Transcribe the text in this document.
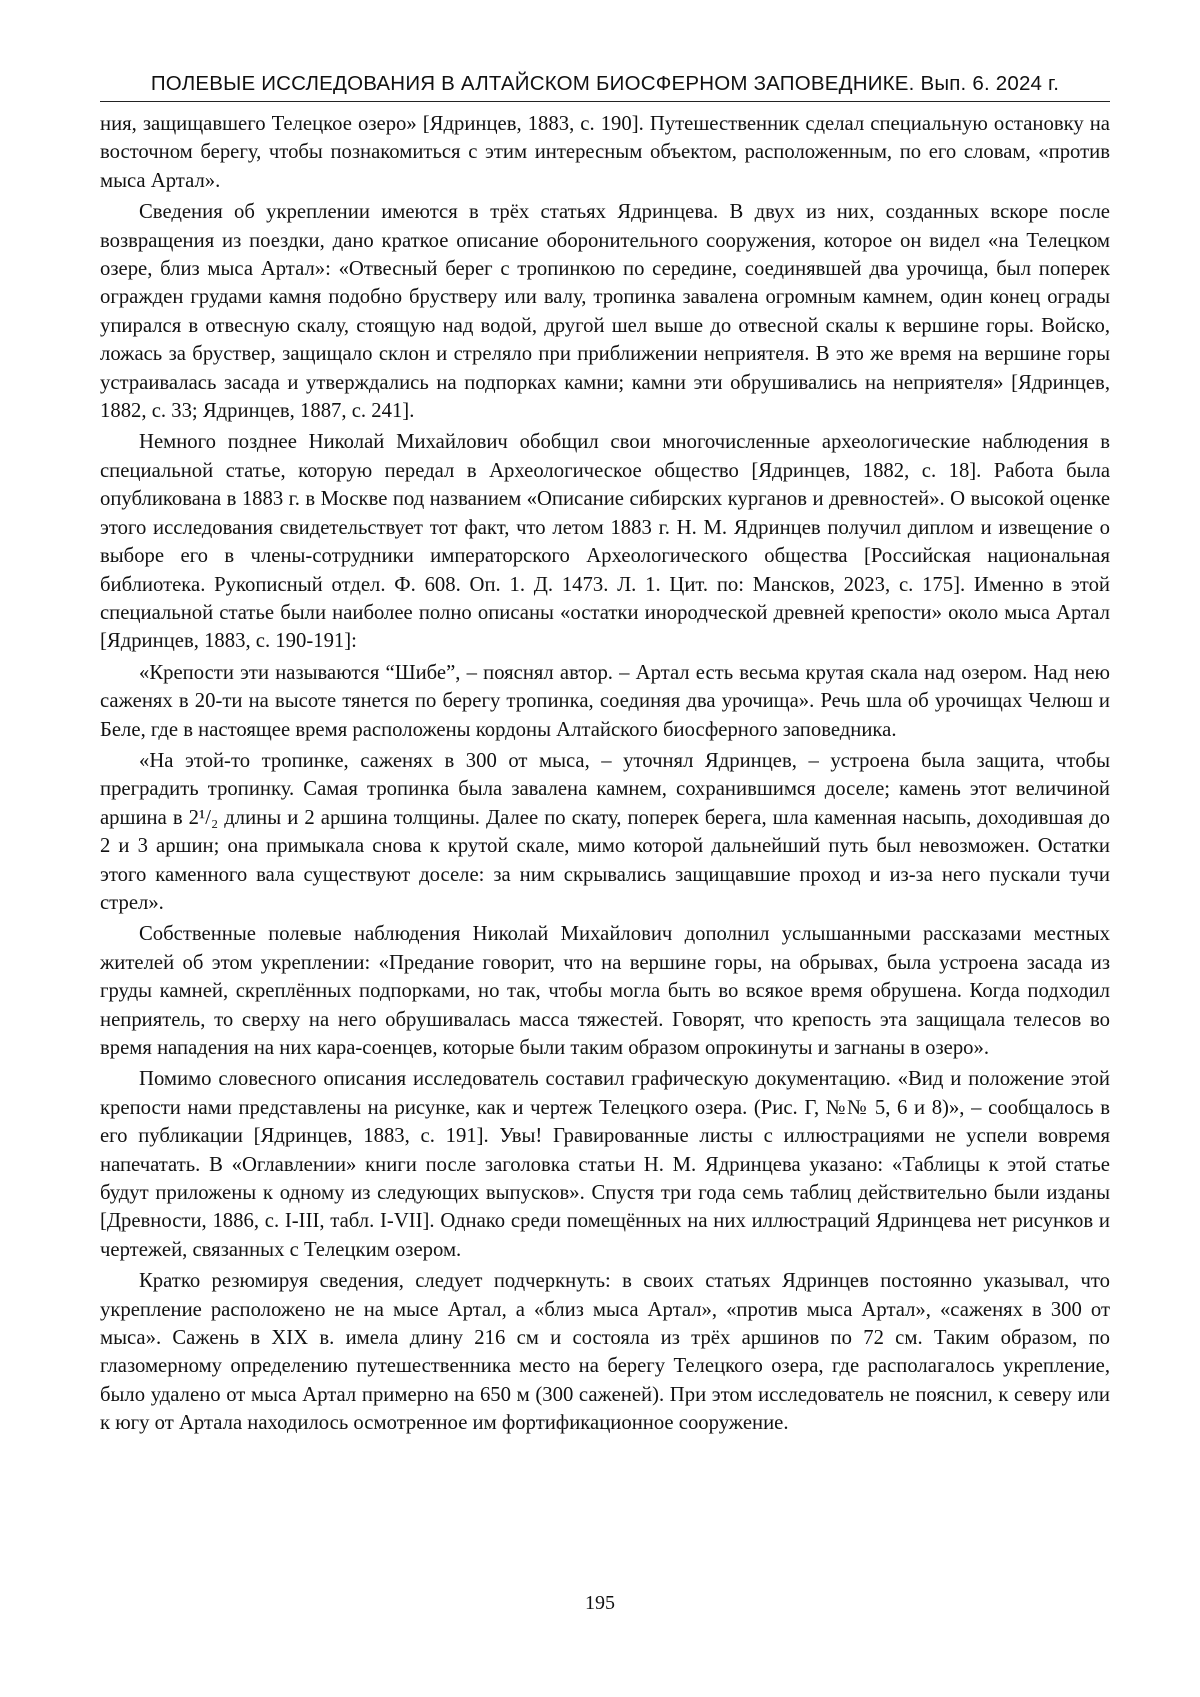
ПОЛЕВЫЕ ИССЛЕДОВАНИЯ В АЛТАЙСКОМ БИОСФЕРНОМ ЗАПОВЕДНИКЕ. Вып. 6. 2024 г.

ния, защищавшего Телецкое озеро» [Ядринцев, 1883, с. 190]. Путешественник сделал специальную остановку на восточном берегу, чтобы познакомиться с этим интересным объектом, расположенным, по его словам, «против мыса Артал».

Сведения об укреплении имеются в трёх статьях Ядринцева. В двух из них, созданных вскоре после возвращения из поездки, дано краткое описание оборонительного сооружения, которое он видел «на Телецком озере, близ мыса Артал»: «Отвесный берег с тропинкою по середине, соединявшей два урочища, был поперек огражден грудами камня подобно брустверу или валу, тропинка завалена огромным камнем, один конец ограды упирался в отвесную скалу, стоящую над водой, другой шел выше до отвесной скалы к вершине горы. Войско, ложась за бруствер, защищало склон и стреляло при приближении неприятеля. В это же время на вершине горы устраивалась засада и утверждались на подпорках камни; камни эти обрушивались на неприятеля» [Ядринцев, 1882, с. 33; Ядринцев, 1887, с. 241].

Немного позднее Николай Михайлович обобщил свои многочисленные археологические наблюдения в специальной статье, которую передал в Археологическое общество [Ядринцев, 1882, с. 18]. Работа была опубликована в 1883 г. в Москве под названием «Описание сибирских курганов и древностей». О высокой оценке этого исследования свидетельствует тот факт, что летом 1883 г. Н. М. Ядринцев получил диплом и извещение о выборе его в члены-сотрудники императорского Археологического общества [Российская национальная библиотека. Рукописный отдел. Ф. 608. Оп. 1. Д. 1473. Л. 1. Цит. по: Мансков, 2023, с. 175]. Именно в этой специальной статье были наиболее полно описаны «остатки инородческой древней крепости» около мыса Артал [Ядринцев, 1883, с. 190-191]:

«Крепости эти называются “Шибе”, – пояснял автор. – Артал есть весьма крутая скала над озером. Над нею саженях в 20-ти на высоте тянется по берегу тропинка, соединяя два урочища». Речь шла об урочищах Челюш и Беле, где в настоящее время расположены кордоны Алтайского биосферного заповедника.

«На этой-то тропинке, саженях в 300 от мыса, – уточнял Ядринцев, – устроена была защита, чтобы преградить тропинку. Самая тропинка была завалена камнем, сохранившимся доселе; камень этот величиной аршина в 2¹/₂ длины и 2 аршина толщины. Далее по скату, поперек берега, шла каменная насыпь, доходившая до 2 и 3 аршин; она примыкала снова к крутой скале, мимо которой дальнейший путь был невозможен. Остатки этого каменного вала существуют доселе: за ним скрывались защищавшие проход и из-за него пускали тучи стрел».

Собственные полевые наблюдения Николай Михайлович дополнил услышанными рассказами местных жителей об этом укреплении: «Предание говорит, что на вершине горы, на обрывах, была устроена засада из груды камней, скреплённых подпорками, но так, чтобы могла быть во всякое время обрушена. Когда подходил неприятель, то сверху на него обрушивалась масса тяжестей. Говорят, что крепость эта защищала телесов во время нападения на них кара-соенцев, которые были таким образом опрокинуты и загнаны в озеро».

Помимо словесного описания исследователь составил графическую документацию. «Вид и положение этой крепости нами представлены на рисунке, как и чертеж Телецкого озера. (Рис. Г, №№ 5, 6 и 8)», – сообщалось в его публикации [Ядринцев, 1883, с. 191]. Увы! Гравированные листы с иллюстрациями не успели вовремя напечатать. В «Оглавлении» книги после заголовка статьи Н. М. Ядринцева указано: «Таблицы к этой статье будут приложены к одному из следующих выпусков». Спустя три года семь таблиц действительно были изданы [Древности, 1886, с. I-III, табл. I-VII]. Однако среди помещённых на них иллюстраций Ядринцева нет рисунков и чертежей, связанных с Телецким озером.

Кратко резюмируя сведения, следует подчеркнуть: в своих статьях Ядринцев постоянно указывал, что укрепление расположено не на мысе Артал, а «близ мыса Артал», «против мыса Артал», «саженях в 300 от мыса». Сажень в XIX в. имела длину 216 см и состояла из трёх аршинов по 72 см. Таким образом, по глазомерному определению путешественника место на берегу Телецкого озера, где располагалось укрепление, было удалено от мыса Артал примерно на 650 м (300 саженей). При этом исследователь не пояснил, к северу или к югу от Артала находилось осмотренное им фортификационное сооружение.

195
